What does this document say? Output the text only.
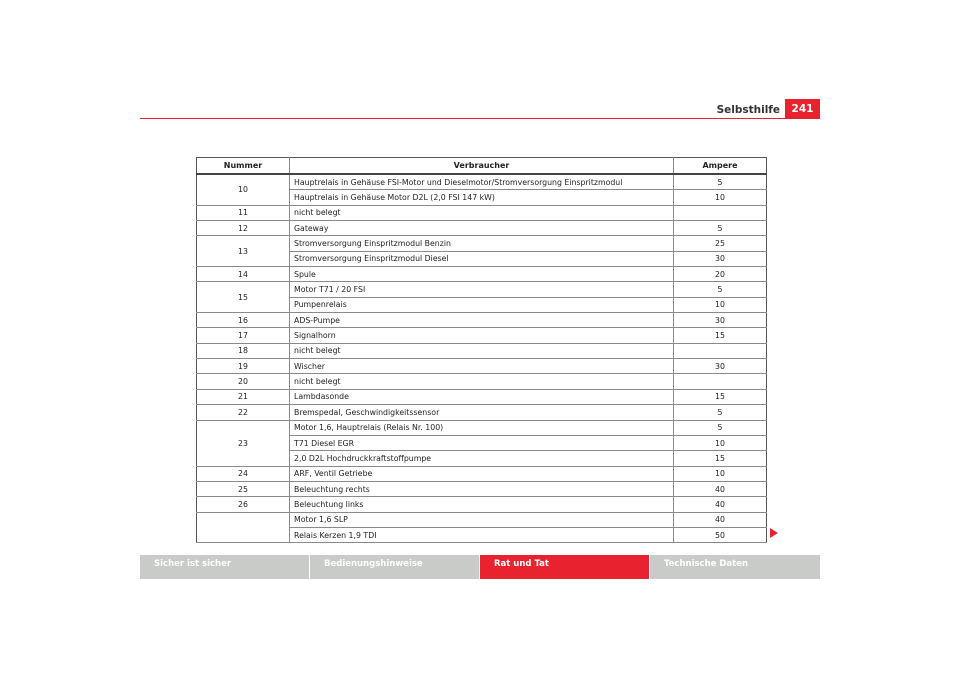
Selbsthilfe	241
Nummer	Verbraucher	Ampere
10	Hauptrelais in Gehäuse FSI-Motor und Dieselmotor/Stromversorgung Einspritzmodul	5
	Hauptrelais in Gehäuse Motor D2L (2,0 FSI 147 kW)	10
11	nicht belegt	
12	Gateway	5
13	Stromversorgung Einspritzmodul Benzin	25
	Stromversorgung Einspritzmodul Diesel	30
14	Spule	20
15	Motor T71 / 20 FSI	5
	Pumpenrelais	10
16	ADS-Pumpe	30
17	Signalhorn	15
18	nicht belegt	
19	Wischer	30
20	nicht belegt	
21	Lambdasonde	15
22	Bremspedal, Geschwindigkeitssensor	5
23	Motor 1,6, Hauptrelais (Relais Nr. 100)	5
	T71 Diesel EGR	10
	2,0 D2L Hochdruckkraftstoffpumpe	15
24	ARF, Ventil Getriebe	10
25	Beleuchtung rechts	40
26	Beleuchtung links	40
	Motor 1,6 SLP	40
	Relais Kerzen 1,9 TDI	50
Sicher ist sicher	Bedienungshinweise	Rat und Tat	Technische Daten
